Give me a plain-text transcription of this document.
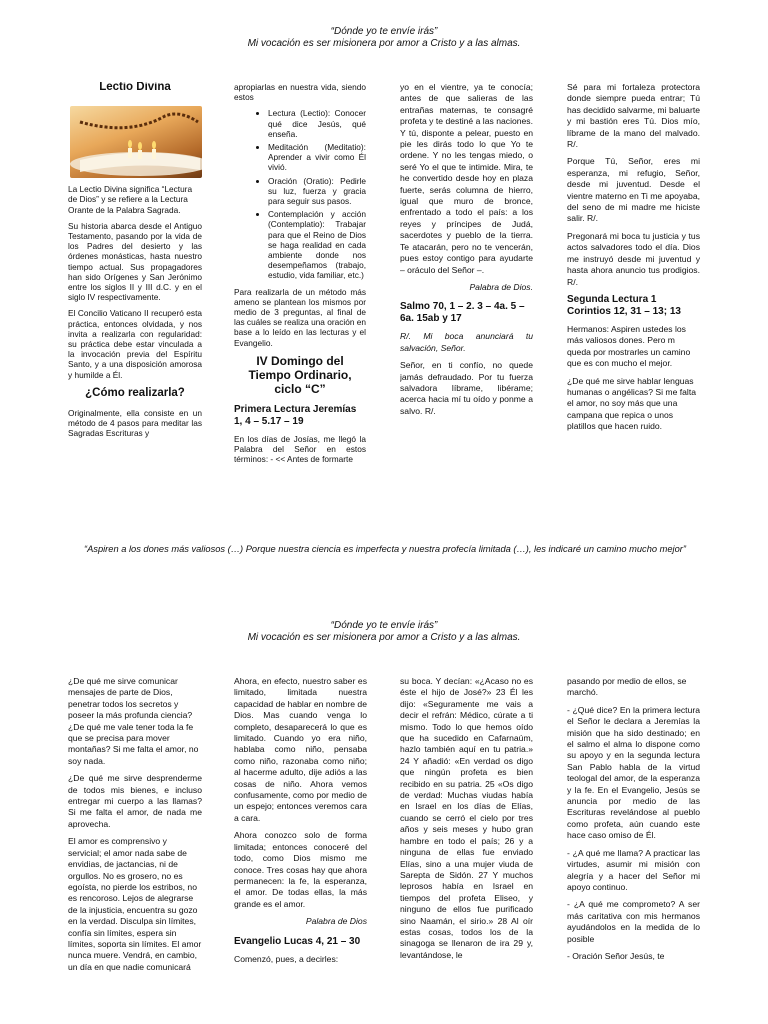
“Dónde yo te envíe irás”
Mi vocación es ser misionera por amor a Cristo y a las almas.
Lectio Divina

La Lectio Divina significa “Lectura de Dios” y se refiere a la Lectura Orante de la Palabra Sagrada.

Su historia abarca desde el Antiguo Testamento, pasando por la vida de los Padres del desierto y las órdenes monásticas, hasta nuestro tiempo actual. Sus propagadores han sido Orígenes y San Jerónimo entre los siglos II y III d.C. y en el siglo IV respectivamente.

El Concilio Vaticano II recuperó esta práctica, entonces olvidada, y nos invita a realizarla con regularidad: su práctica debe estar vinculada a la invocación previa del Espíritu Santo, y a una disposición amorosa y humilde a Él.

¿Cómo realizarla?

Originalmente, ella consiste en un método de 4 pasos para meditar las Sagradas Escrituras y

apropiarlas en nuestra vida, siendo estos

• Lectura (Lectio): Conocer qué dice Jesús, qué enseña.
• Meditación (Meditatio): Aprender a vivir como Él vivió.
• Oración (Oratio): Pedirle su luz, fuerza y gracia para seguir sus pasos.
• Contemplación y acción (Contemplatio): Trabajar para que el Reino de Dios se haga realidad en cada ambiente donde nos desempeñamos (trabajo, estudio, vida familiar, etc.)

Para realizarla de un método más ameno se plantean los mismos por medio de 3 preguntas, al final de las cuáles se realiza una oración en base a lo leído en las lecturas y el Evangelio.

IV Domingo del Tiempo Ordinario, ciclo “C”
Primera Lectura Jeremías 1, 4 – 5.17 – 19

En los días de Josías, me llegó la Palabra del Señor en estos términos: - << Antes de formarte

yo en el vientre, ya te conocía; antes de que salieras de las entrañas maternas, te consagré profeta y te destiné a las naciones. Y tú, disponte a pelear, puesto en pie les dirás todo lo que Yo te ordene. Y no les tengas miedo, o seré Yo el que te intimide. Mira, te he convertido desde hoy en plaza fuerte, serás columna de hierro, igual que muro de bronce, enfrentado a todo el país: a los reyes y príncipes de Judá, sacerdotes y pueblo de la tierra. Te atacarán, pero no te vencerán, pues estoy contigo para ayudarte – oráculo del Señor –.

Palabra de Dios.
Salmo 70, 1 – 2. 3 – 4a. 5 – 6a. 15ab y 17

R/. Mi boca anunciará tu salvación, Señor.

Señor, en ti confío, no quede jamás defraudado. Por tu fuerza salvadora líbrame, libérame; acerca hacia mí tu oído y ponme a salvo. R/.

Sé para mi fortaleza protectora donde siempre pueda entrar; Tú has decidido salvarme, mi baluarte y mi bastión eres Tú. Dios mío, líbrame de la mano del malvado. R/.

Porque Tú, Señor, eres mi esperanza, mi refugio, Señor, desde mi juventud. Desde el vientre materno en Ti me apoyaba, del seno de mi madre me hiciste salir. R/.

Pregonará mi boca tu justicia y tus actos salvadores todo el día. Dios me instruyó desde mi juventud y hasta ahora anuncio tus prodigios. R/.

Segunda Lectura 1 Corintios 12, 31 – 13; 13

Hermanos: Aspiren ustedes los más valiosos dones. Pero m queda por mostrarles un camino que es con mucho el mejor.

¿De qué me sirve hablar lenguas humanas o angélicas? Si me falta el amor, no soy más que una campana que repica o unos platillos que hacen ruido.

“Aspiren a los dones más valiosos (…) Porque nuestra ciencia es imperfecta y nuestra profecía limitada (…), les indicaré un camino mucho mejor”
“Dónde yo te envíe irás”
Mi vocación es ser misionera por amor a Cristo y a las almas.

¿De qué me sirve comunicar mensajes de parte de Dios, penetrar todos los secretos y poseer la más profunda ciencia? ¿De qué me vale tener toda la fe que se precisa para mover montañas? Si me falta el amor, no soy nada.

¿De qué me sirve desprenderme de todos mis bienes, e incluso entregar mi cuerpo a las llamas? Si me falta el amor, de nada me aprovecha.

El amor es comprensivo y servicial; el amor nada sabe de envidias, de jactancias, ni de orgullos. No es grosero, no es egoísta, no pierde los estribos, no es rencoroso. Lejos de alegrarse de la injusticia, encuentra su gozo en la verdad. Disculpa sin límites, confía sin límites, espera sin límites, soporta sin límites. El amor nunca muere. Vendrá, en cambio, un día en que nadie comunicará

Ahora, en efecto, nuestro saber es limitado, limitada nuestra capacidad de hablar en nombre de Dios. Mas cuando venga lo completo, desaparecerá lo que es limitado. Cuando yo era niño, hablaba como niño, pensaba como niño, razonaba como niño; al hacerme adulto, dije adiós a las cosas de niño. Ahora vemos confusamente, como por medio de un espejo; entonces veremos cara a cara.

Ahora conozco solo de forma limitada; entonces conoceré del todo, como Dios mismo me conoce. Tres cosas hay que ahora permanecen: la fe, la esperanza, el amor. De todas ellas, la más grande es el amor.

Palabra de Dios
Evangelio Lucas 4, 21 – 30

Comenzó, pues, a decirles:

su boca. Y decían: «¿Acaso no es éste el hijo de José?» 23 Él les dijo: «Seguramente me vais a decir el refrán: Médico, cúrate a ti mismo. Todo lo que hemos oído que ha sucedido en Cafarnaúm, hazlo también aquí en tu patria.» 24 Y añadió: «En verdad os digo que ningún profeta es bien recibido en su patria. 25 «Os digo de verdad: Muchas viudas había en Israel en los días de Elías, cuando se cerró el cielo por tres años y seis meses y hubo gran hambre en todo el país; 26 y a ninguna de ellas fue enviado Elías, sino a una mujer viuda de Sarepta de Sidón. 27 Y muchos leprosos había en Israel en tiempos del profeta Eliseo, y ninguno de ellos fue purificado sino Naamán, el sirio.» 28 Al oír estas cosas, todos los de la sinagoga se llenaron de ira 29 y, levantándose, le

pasando por medio de ellos, se marchó.

- ¿Qué dice? En la primera lectura el Señor le declara a Jeremías la misión que ha sido destinado; en el salmo el alma lo dispone como su apoyo y en la segunda lectura San Pablo habla de la virtud teologal del amor, de la esperanza y la fe. En el Evangelio, Jesús se anuncia por medio de las Escrituras revelándose al pueblo como profeta, aún cuando este hace caso omiso de Él.

- ¿A qué me llama? A practicar las virtudes, asumir mi misión con alegría y a hacer del Señor mi apoyo continuo.

- ¿A qué me comprometo? A ser más caritativa con mis hermanos ayudándolos en la medida de lo posible

- Oración Señor Jesús, te
